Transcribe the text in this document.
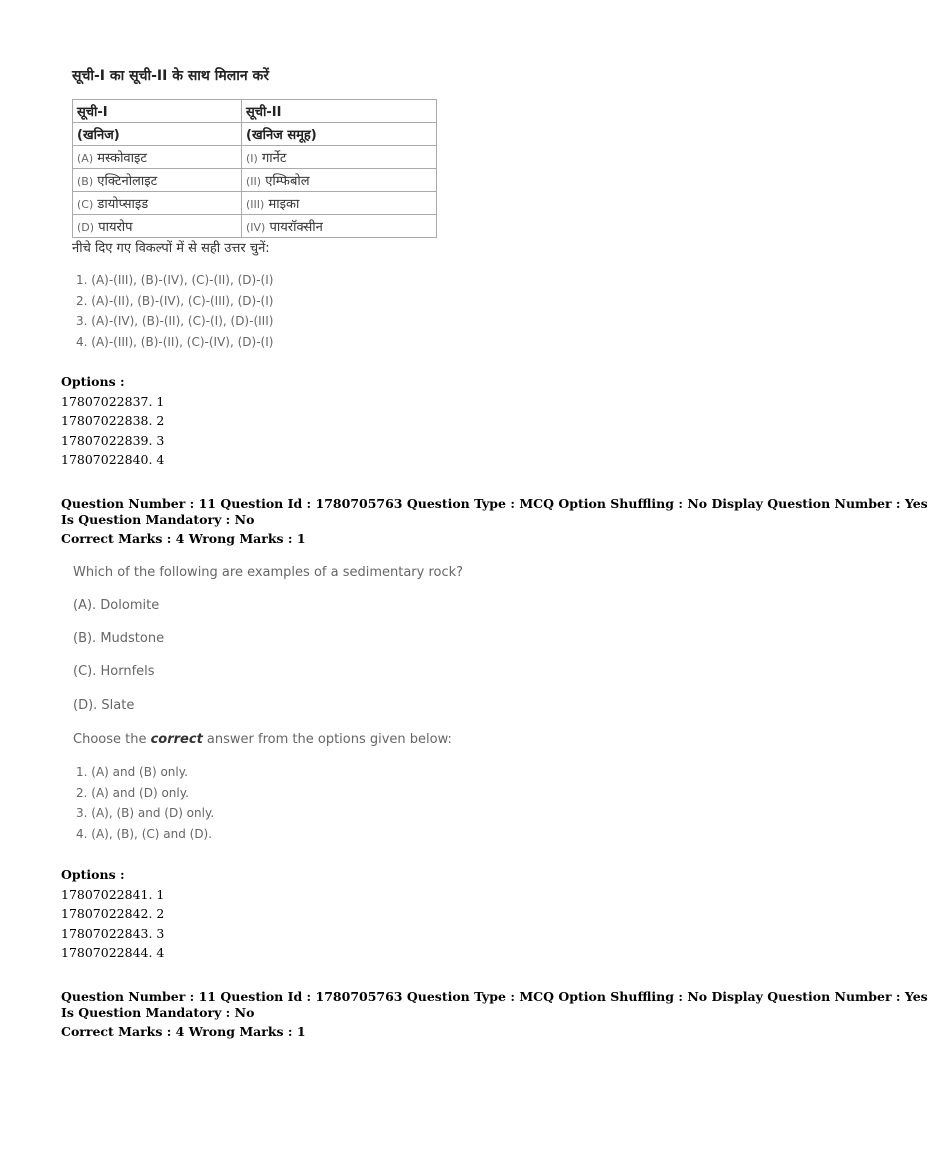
सूची-I का सूची-II के साथ मिलान करें
सूची-I	सूची-II
(खनिज)	(खनिज समूह)
(A) मस्कोवाइट	(I) गार्नेट
(B) एक्टिनोलाइट	(II) एम्फिबोल
(C) डायोप्साइड	(III) माइका
(D) पायरोप	(IV) पायरॉक्सीन
नीचे दिए गए विकल्पों में से सही उत्तर चुनें:
1. (A)-(III), (B)-(IV), (C)-(II), (D)-(I)
2. (A)-(II), (B)-(IV), (C)-(III), (D)-(I)
3. (A)-(IV), (B)-(II), (C)-(I), (D)-(III)
4. (A)-(III), (B)-(II), (C)-(IV), (D)-(I)
Options :
17807022837. 1
17807022838. 2
17807022839. 3
17807022840. 4
Question Number : 11 Question Id : 1780705763 Question Type : MCQ Option Shuffling : No Display Question Number : Yes
Is Question Mandatory : No
Correct Marks : 4 Wrong Marks : 1
Which of the following are examples of a sedimentary rock?
(A). Dolomite
(B). Mudstone
(C). Hornfels
(D). Slate
Choose the correct answer from the options given below:
1. (A) and (B) only.
2. (A) and (D) only.
3. (A), (B) and (D) only.
4. (A), (B), (C) and (D).
Options :
17807022841. 1
17807022842. 2
17807022843. 3
17807022844. 4
Question Number : 11 Question Id : 1780705763 Question Type : MCQ Option Shuffling : No Display Question Number : Yes
Is Question Mandatory : No
Correct Marks : 4 Wrong Marks : 1
